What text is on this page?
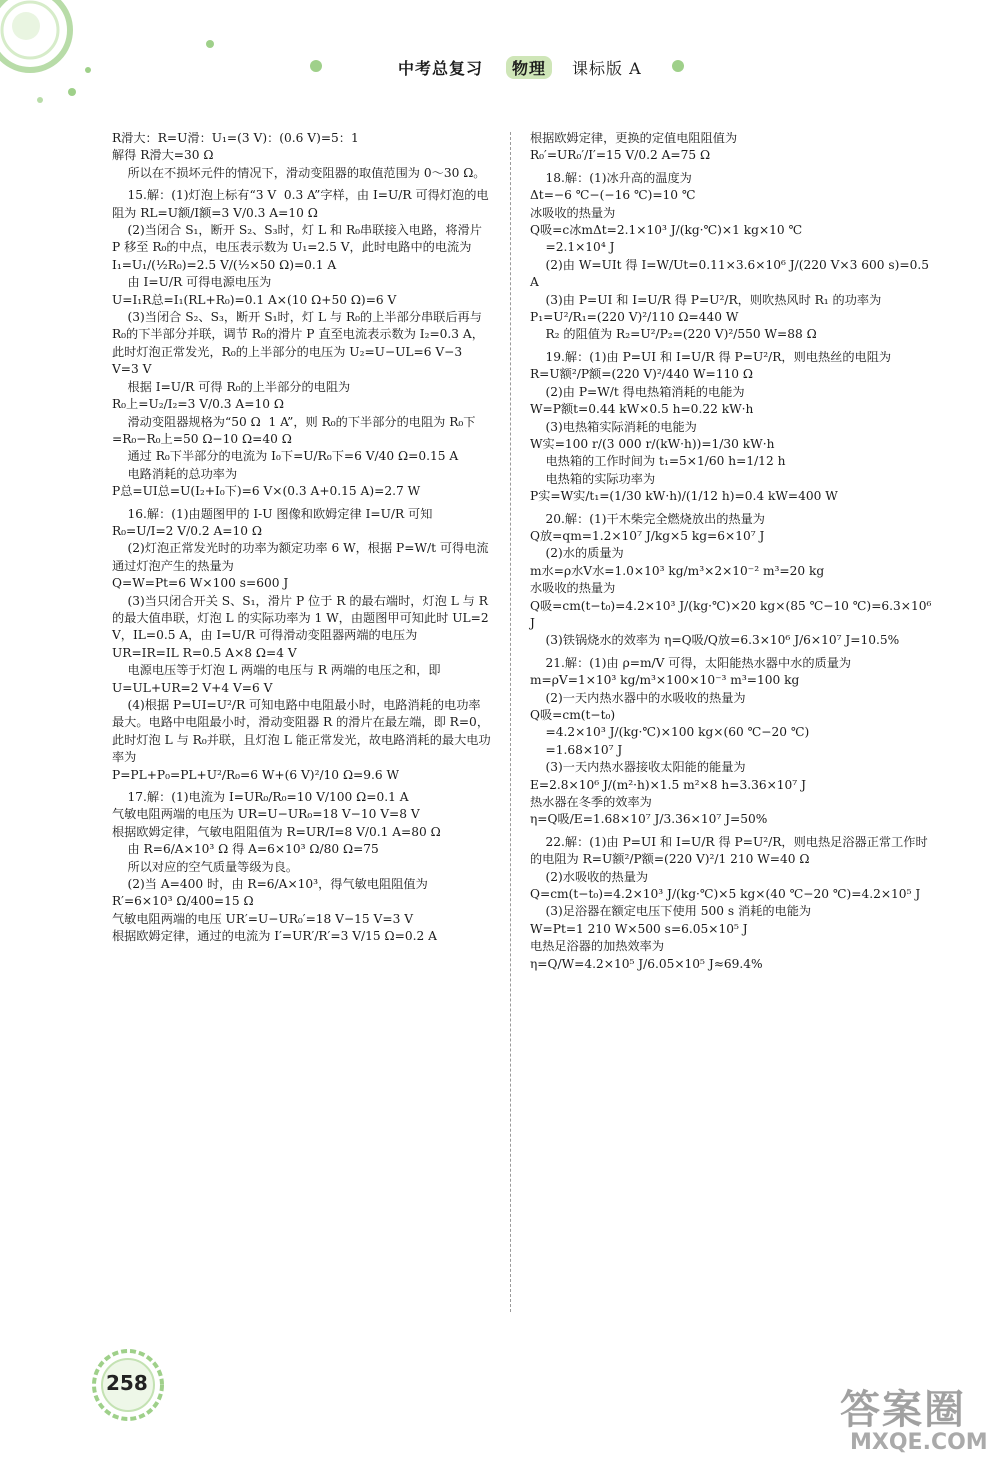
中考总复习	物理	课标版 A

R滑大：R=U滑：U₁=(3 V)：(0.6 V)=5：1

解得 R滑大=30 Ω

所以在不损坏元件的情况下，滑动变阻器的取值范围为 0～30 Ω。

15.解：(1)灯泡上标有“3 V  0.3 A”字样，由 I=U/R 可得灯泡的电阻为 RL=U额/I额=3 V/0.3 A=10 Ω

(2)当闭合 S₁，断开 S₂、S₃时，灯 L 和 R₀串联接入电路，将滑片 P 移至 R₀的中点，电压表示数为 U₁=2.5 V，此时电路中的电流为 I₁=U₁/(½R₀)=2.5 V/(½×50 Ω)=0.1 A

由 I=U/R 可得电源电压为

U=I₁R总=I₁(RL+R₀)=0.1 A×(10 Ω+50 Ω)=6 V

(3)当闭合 S₂、S₃，断开 S₁时，灯 L 与 R₀的上半部分串联后再与 R₀的下半部分并联，调节 R₀的滑片 P 直至电流表示数为 I₂=0.3 A，此时灯泡正常发光，R₀的上半部分的电压为 U₂=U−UL=6 V−3 V=3 V

根据 I=U/R 可得 R₀的上半部分的电阻为

R₀上=U₂/I₂=3 V/0.3 A=10 Ω

滑动变阻器规格为“50 Ω  1 A”，则 R₀的下半部分的电阻为 R₀下=R₀−R₀上=50 Ω−10 Ω=40 Ω

通过 R₀下半部分的电流为 I₀下=U/R₀下=6 V/40 Ω=0.15 A

电路消耗的总功率为

P总=UI总=U(I₂+I₀下)=6 V×(0.3 A+0.15 A)=2.7 W

16.解：(1)由题图甲的 I-U 图像和欧姆定律 I=U/R 可知 R₀=U/I=2 V/0.2 A=10 Ω

(2)灯泡正常发光时的功率为额定功率 6 W，根据 P=W/t 可得电流通过灯泡产生的热量为

Q=W=Pt=6 W×100 s=600 J

(3)当只闭合开关 S、S₁，滑片 P 位于 R 的最右端时，灯泡 L 与 R 的最大值串联，灯泡 L 的实际功率为 1 W，由题图甲可知此时 UL=2 V，IL=0.5 A，由 I=U/R 可得滑动变阻器两端的电压为

UR=IR=IL R=0.5 A×8 Ω=4 V

电源电压等于灯泡 L 两端的电压与 R 两端的电压之和，即 U=UL+UR=2 V+4 V=6 V

(4)根据 P=UI=U²/R 可知电路中电阻最小时，电路消耗的电功率最大。电路中电阻最小时，滑动变阻器 R 的滑片在最左端，即 R=0，此时灯泡 L 与 R₀并联，且灯泡 L 能正常发光，故电路消耗的最大电功率为

P=PL+P₀=PL+U²/R₀=6 W+(6 V)²/10 Ω=9.6 W

17.解：(1)电流为 I=UR₀/R₀=10 V/100 Ω=0.1 A

气敏电阻两端的电压为 UR=U−UR₀=18 V−10 V=8 V

根据欧姆定律，气敏电阻阻值为 R=UR/I=8 V/0.1 A=80 Ω

由 R=6/A×10³ Ω 得 A=6×10³ Ω/80 Ω=75

所以对应的空气质量等级为良。

(2)当 A=400 时，由 R=6/A×10³，得气敏电阻阻值为

R′=6×10³ Ω/400=15 Ω

气敏电阻两端的电压 UR′=U−UR₀′=18 V−15 V=3 V

根据欧姆定律，通过的电流为 I′=UR′/R′=3 V/15 Ω=0.2 A

根据欧姆定律，更换的定值电阻阻值为

R₀′=UR₀′/I′=15 V/0.2 A=75 Ω

18.解：(1)冰升高的温度为

Δt=−6 ℃−(−16 ℃)=10 ℃

冰吸收的热量为

Q吸=c冰mΔt=2.1×10³ J/(kg·℃)×1 kg×10 ℃

=2.1×10⁴ J

(2)由 W=UIt 得 I=W/Ut=0.11×3.6×10⁶ J/(220 V×3 600 s)=0.5 A

(3)由 P=UI 和 I=U/R 得 P=U²/R，则吹热风时 R₁ 的功率为

P₁=U²/R₁=(220 V)²/110 Ω=440 W

R₂ 的阻值为 R₂=U²/P₂=(220 V)²/550 W=88 Ω

19.解：(1)由 P=UI 和 I=U/R 得 P=U²/R，则电热丝的电阻为

R=U额²/P额=(220 V)²/440 W=110 Ω

(2)由 P=W/t 得电热箱消耗的电能为

W=P额t=0.44 kW×0.5 h=0.22 kW·h

(3)电热箱实际消耗的电能为

W实=100 r/(3 000 r/(kW·h))=1/30 kW·h

电热箱的工作时间为 t₁=5×1/60 h=1/12 h

电热箱的实际功率为

P实=W实/t₁=(1/30 kW·h)/(1/12 h)=0.4 kW=400 W

20.解：(1)干木柴完全燃烧放出的热量为

Q放=qm=1.2×10⁷ J/kg×5 kg=6×10⁷ J

(2)水的质量为

m水=ρ水V水=1.0×10³ kg/m³×2×10⁻² m³=20 kg

水吸收的热量为

Q吸=cm(t−t₀)=4.2×10³ J/(kg·℃)×20 kg×(85 ℃−10 ℃)=6.3×10⁶ J

(3)铁锅烧水的效率为 η=Q吸/Q放=6.3×10⁶ J/6×10⁷ J=10.5%

21.解：(1)由 ρ=m/V 可得，太阳能热水器中水的质量为

m=ρV=1×10³ kg/m³×100×10⁻³ m³=100 kg

(2)一天内热水器中的水吸收的热量为

Q吸=cm(t−t₀)

=4.2×10³ J/(kg·℃)×100 kg×(60 ℃−20 ℃)

=1.68×10⁷ J

(3)一天内热水器接收太阳能的能量为

E=2.8×10⁶ J/(m²·h)×1.5 m²×8 h=3.36×10⁷ J

热水器在冬季的效率为

η=Q吸/E=1.68×10⁷ J/3.36×10⁷ J=50%

22.解：(1)由 P=UI 和 I=U/R 得 P=U²/R，则电热足浴器正常工作时的电阻为 R=U额²/P额=(220 V)²/1 210 W=40 Ω

(2)水吸收的热量为

Q=cm(t−t₀)=4.2×10³ J/(kg·℃)×5 kg×(40 ℃−20 ℃)=4.2×10⁵ J

(3)足浴器在额定电压下使用 500 s 消耗的电能为

W=Pt=1 210 W×500 s=6.05×10⁵ J

电热足浴器的加热效率为

η=Q/W=4.2×10⁵ J/6.05×10⁵ J≈69.4%

258
答案圈
MXQE.COM
